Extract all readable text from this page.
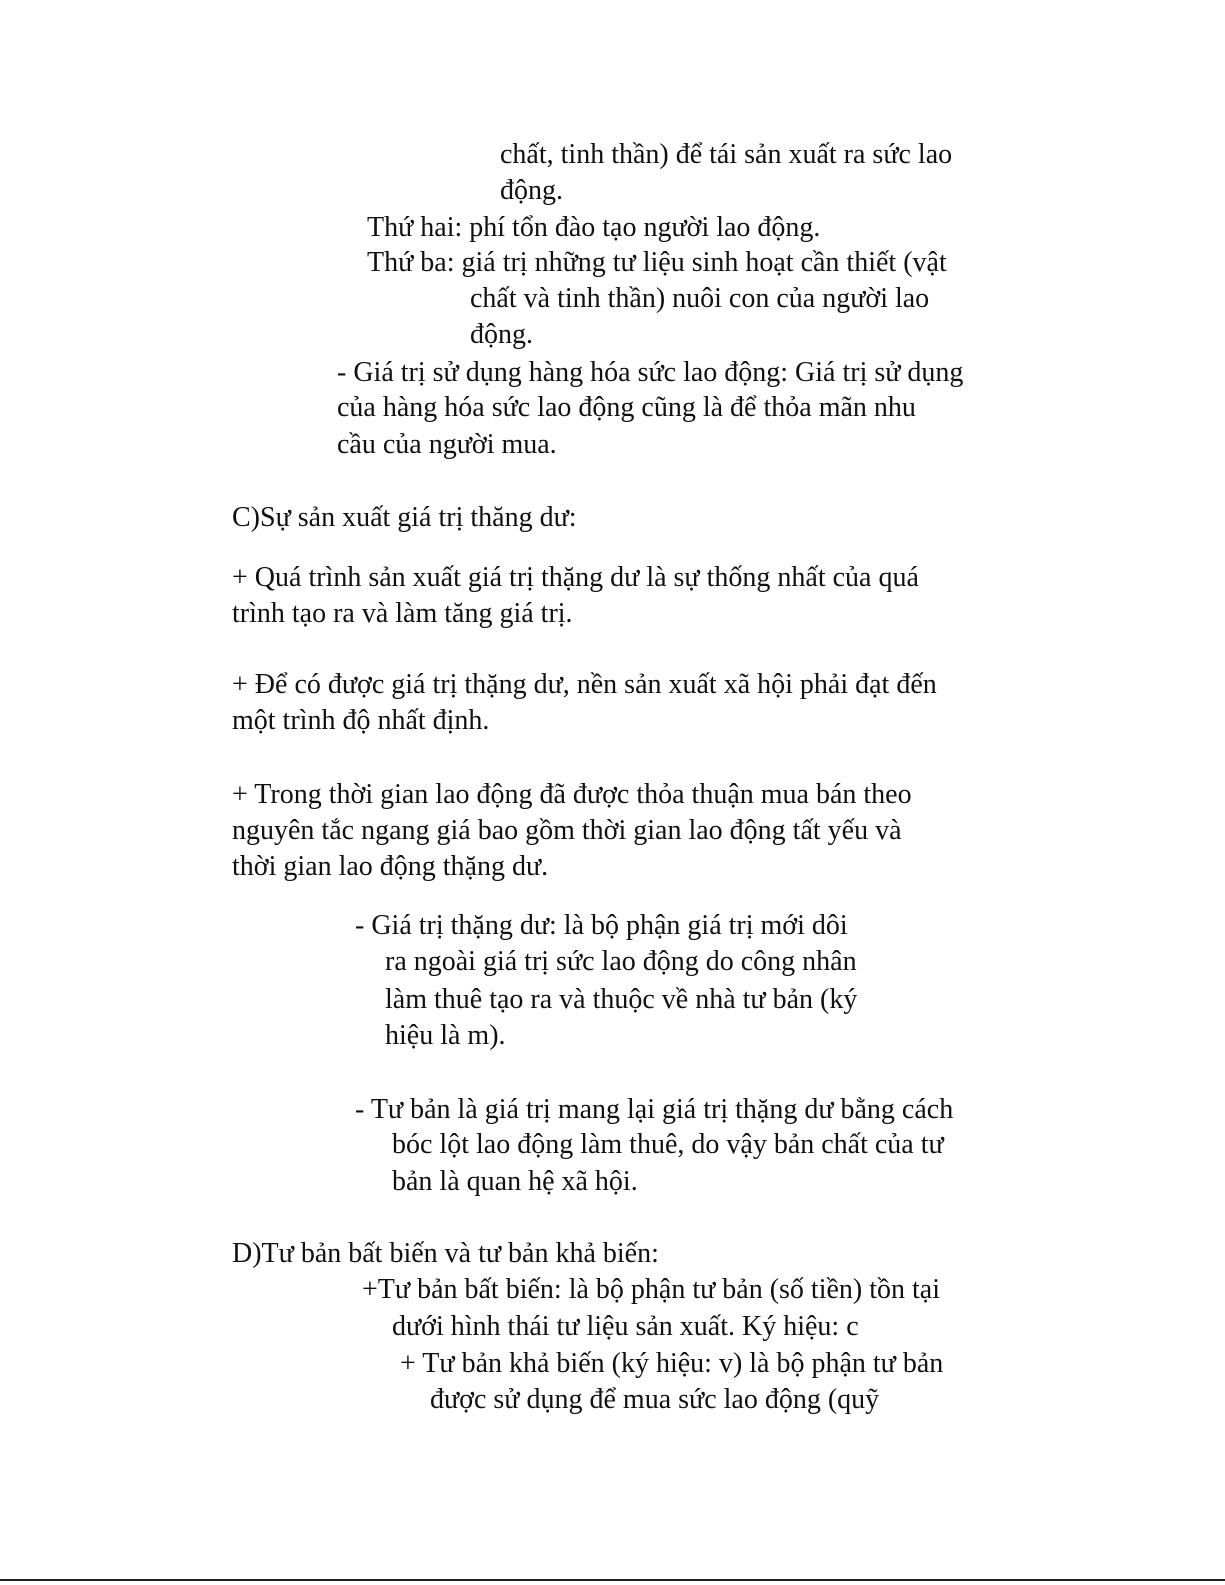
chất, tinh thần) để tái sản xuất ra sức lao
động.
Thứ hai: phí tổn đào tạo người lao động.
Thứ ba: giá trị những tư liệu sinh hoạt cần thiết (vật
chất và tinh thần) nuôi con của người lao
động.
- Giá trị sử dụng hàng hóa sức lao động: Giá trị sử dụng
của hàng hóa sức lao động cũng là để thỏa mãn nhu
cầu của người mua.
C)Sự sản xuất giá trị thăng dư:
+ Quá trình sản xuất giá trị thặng dư là sự thống nhất của quá
trình tạo ra và làm tăng giá trị.
+ Để có được giá trị thặng dư, nền sản xuất xã hội phải đạt đến
một trình độ nhất định.
+ Trong thời gian lao động đã được thỏa thuận mua bán theo
nguyên tắc ngang giá bao gồm thời gian lao động tất yếu và
thời gian lao động thặng dư.
- Giá trị thặng dư: là bộ phận giá trị mới dôi
ra ngoài giá trị sức lao động do công nhân
làm thuê tạo ra và thuộc về nhà tư bản (ký
hiệu là m).
- Tư bản là giá trị mang lại giá trị thặng dư bằng cách
bóc lột lao động làm thuê, do vậy bản chất của tư
bản là quan hệ xã hội.
D)Tư bản bất biến và tư bản khả biến:
+Tư bản bất biến: là bộ phận tư bản (số tiền) tồn tại
dưới hình thái tư liệu sản xuất. Ký hiệu: c
+ Tư bản khả biến (ký hiệu: v) là bộ phận tư bản
được sử dụng để mua sức lao động (quỹ
